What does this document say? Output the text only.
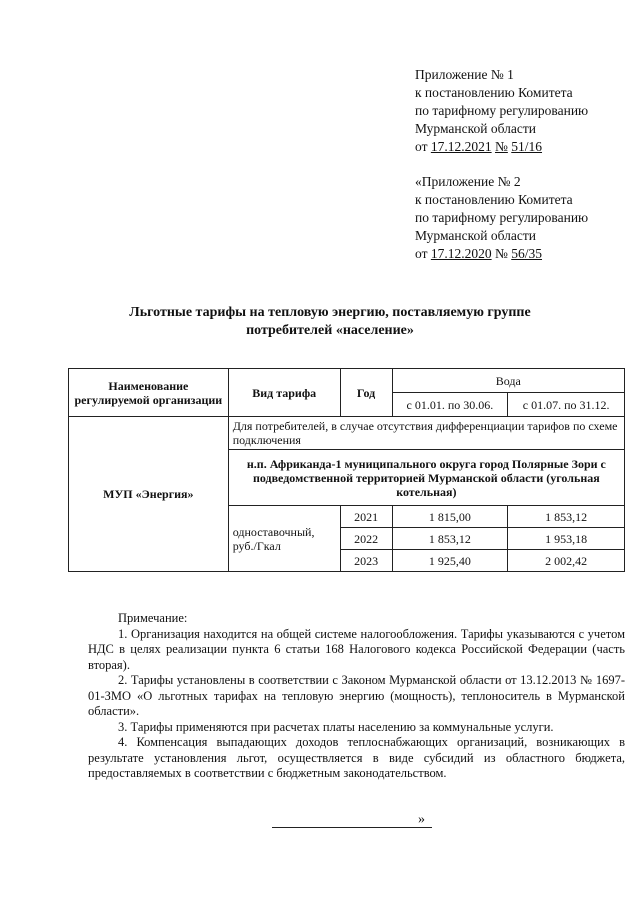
Приложение № 1
к постановлению Комитета
по тарифному регулированию
Мурманской области
от 17.12.2021 № 51/16
«Приложение № 2
к постановлению Комитета
по тарифному регулированию
Мурманской области
от 17.12.2020 № 56/35
Льготные тарифы на тепловую энергию, поставляемую группе
потребителей «население»
Наименование регулируемой организации	Вид тарифа	Год	Вода	
			с 01.01. по 30.06.	с 01.07. по 31.12.
МУП «Энергия»	Для потребителей, в случае отсутствия дифференциации тарифов по схеме подключения			
	н.п. Африканда-1 муниципального округа город Полярные Зори с подведомственной территорией Мурманской области (угольная котельная)			
	одноставочный, руб./Гкал	2021	1 815,00	1 853,12
		2022	1 853,12	1 953,18
		2023	1 925,40	2 002,42

Примечание:

1. Организация находится на общей системе налогообложения. Тарифы указываются с учетом НДС в целях реализации пункта 6 статьи 168 Налогового кодекса Российской Федерации (часть вторая).

2. Тарифы установлены в соответствии с Законом Мурманской области от 13.12.2013 № 1697-01-ЗМО «О льготных тарифах на тепловую энергию (мощность), теплоноситель в Мурманской области».

3. Тарифы применяются при расчетах платы населению за коммунальные услуги.

4. Компенсация выпадающих доходов теплоснабжающих организаций, возникающих в результате установления льгот, осуществляется в виде субсидий из областного бюджета, предоставляемых в соответствии с бюджетным законодательством.

»
